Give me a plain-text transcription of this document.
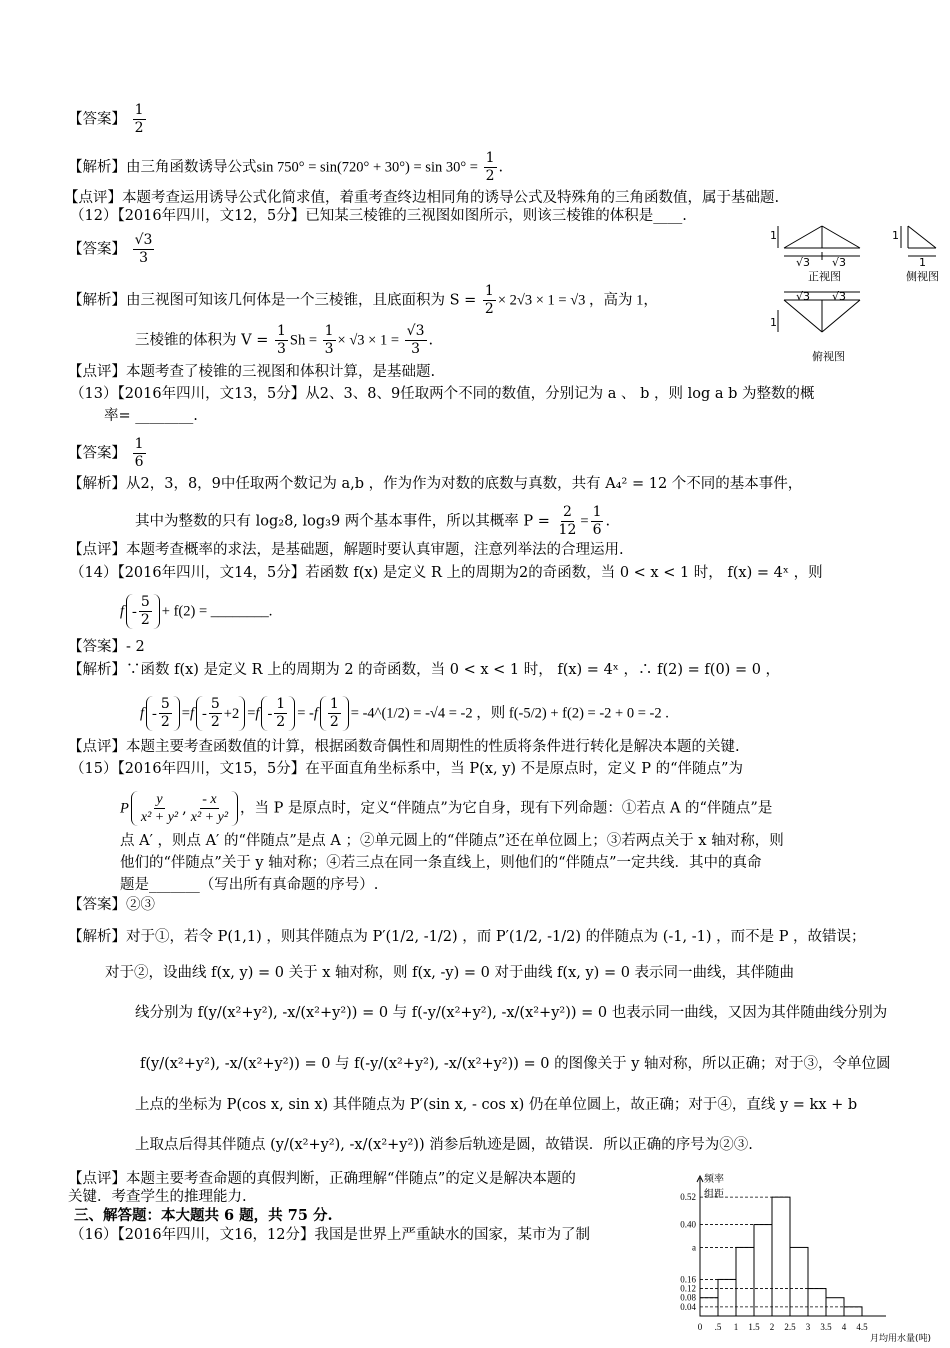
【答案】 $\frac{1}{2}$
【解析】由三角函数诱导公式$\sin 750^\circ = \sin(720^\circ + 30^\circ) = \sin 30^\circ = \frac{1}{2}$ .
【点评】本题考查运用诱导公式化简求值，着重考查终边相同角的诱导公式及特殊角的三角函数值，属于基础题.
（12）【2016年四川，文12，5分】已知某三棱锥的三视图如图所示，则该三棱锥的体积是____.
【答案】 $\frac{√3}{3}$
【解析】由三视图可知该几何体是一个三棱锥，且底面积为 $S = \frac{1}{2} \times 2√3 \times 1 = √3$ ，高为 1，
三棱锥的体积为 $V = \frac{1}{3}$ $Sh = \frac{1}{3} \times √3 \times 1 = \frac{√3}{3}$ .
【点评】本题考查了棱锥的三视图和体积计算，是基础题.
1
√3 √3
1
1
正视图	侧视图
√3 √3
1
俯视图
（13）【2016年四川，文13，5分】从2、3、8、9任取两个不同的数值，分别记为 a 、 b ，则 log a b 为整数的概
率= ________.
【答案】 $\frac{1}{6}$
【解析】从2，3，8，9中任取两个数记为 a,b ，作为作为对数的底数与真数，共有 A₄² = 12 个不同的基本事件，
其中为整数的只有 log₂8, log₃9 两个基本事件，所以其概率 $P = \frac{2}{12} = \frac{1}{6}$ .
【点评】本题考查概率的求法，是基础题，解题时要认真审题，注意列举法的合理运用.
（14）【2016年四川，文14，5分】若函数 f(x) 是定义 R 上的周期为2的奇函数，当 0 < x < 1 时， f(x) = 4ˣ ，则
$f - \frac{5}{2} + f(2)$ = ________.
【答案】- 2
【解析】∵函数 f(x) 是定义 R 上的周期为 2 的奇函数，当 0 < x < 1 时， f(x) = 4ˣ ，∴ f(2) = f(0) = 0 ，
$f - \frac{5}{2} =f - \frac{5}{2} +2 =f - \frac{1}{2} = -f \frac{1}{2}$ = -4^(1/2) = -√4 = -2 ，则 f(-5/2) + f(2) = -2 + 0 = -2 .
【点评】本题主要考查函数值的计算，根据函数奇偶性和周期性的性质将条件进行转化是解决本题的关键.
（15）【2016年四川，文15，5分】在平面直角坐标系中，当 P(x, y) 不是原点时，定义 P 的“伴随点”为
P $\frac{y}{\text{x² + y²}}$ , $\frac{- x}{\text{x² + y²}}$ ，当 P 是原点时，定义“伴随点”为它自身，现有下列命题：①若点 A 的“伴随点”是
点 A′ ，则点 A′ 的“伴随点”是点 A ；②单元圆上的“伴随点”还在单位圆上；③若两点关于 x 轴对称，则
他们的“伴随点”关于 y 轴对称；④若三点在同一条直线上，则他们的“伴随点”一定共线．其中的真命
题是_______（写出所有真命题的序号）.
【答案】②③
【解析】对于①，若令 P(1,1) ，则其伴随点为 P′(1/2, -1/2) ，而 P′(1/2, -1/2) 的伴随点为 (-1, -1) ，而不是 P ，故错误；
对于②，设曲线 f(x, y) = 0 关于 x 轴对称，则 f(x, -y) = 0 对于曲线 f(x, y) = 0 表示同一曲线，其伴随曲
线分别为 f(y/(x²+y²), -x/(x²+y²)) = 0 与 f(-y/(x²+y²), -x/(x²+y²)) = 0 也表示同一曲线，又因为其伴随曲线分别为
f(y/(x²+y²), -x/(x²+y²)) = 0 与 f(-y/(x²+y²), -x/(x²+y²)) = 0 的图像关于 y 轴对称，所以正确；对于③，令单位圆
上点的坐标为 P(cos x, sin x) 其伴随点为 P′(sin x, - cos x) 仍在单位圆上，故正确；对于④，直线 y = kx + b
上取点后得其伴随点 (y/(x²+y²), -x/(x²+y²)) 消参后轨迹是圆，故错误．所以正确的序号为②③.
【点评】本题主要考查命题的真假判断，正确理解“伴随点”的定义是解决本题的
关键．考查学生的推理能力.
三、解答题：本大题共 6 题，共 75 分.
（16）【2016年四川，文16，12分】我国是世界上严重缺水的国家，某市为了制
0.52
0.40
a
0.16
0.12
0.08
0.04
0 .5 1 1.5 2 2.5 3 3.5 4 4.5
频率
组距
月均用水量(吨)
